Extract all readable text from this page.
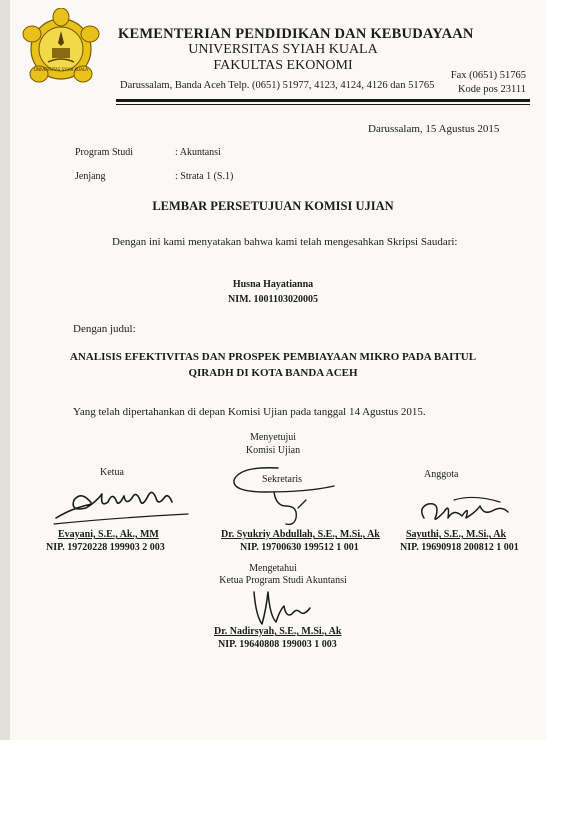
UNIVERSITAS SYIAH KUALA
KEMENTERIAN PENDIDIKAN DAN KEBUDAYAAN
UNIVERSITAS SYIAH KUALA
FAKULTAS EKONOMI
Darussalam, Banda Aceh Telp. (0651) 51977, 4123, 4124, 4126 dan 51765
Fax (0651) 51765
Kode pos 23111
Darussalam, 15 Agustus 2015
Program Studi	: Akuntansi
Jenjang	: Strata 1 (S.1)
LEMBAR PERSETUJUAN KOMISI UJIAN
Dengan ini kami menyatakan bahwa kami telah mengesahkan Skripsi Saudari:
Husna Hayatianna
NIM. 1001103020005
Dengan judul:
ANALISIS EFEKTIVITAS DAN PROSPEK PEMBIAYAAN MIKRO PADA BAITUL
QIRADH DI KOTA BANDA ACEH
Yang telah dipertahankan di depan Komisi Ujian pada tanggal 14 Agustus 2015.
Menyetujui
Komisi Ujian
Ketua
Sekretaris	Anggota
Evayani, S.E., Ak., MM
NIP. 19720228 199903 2 003
Dr. Syukriy Abdullah, S.E., M.Si., Ak
NIP. 19700630 199512 1 001
Sayuthi, S.E., M.Si., Ak
NIP. 19690918 200812 1 001
Mengetahui
Ketua Program Studi Akuntansi
Dr. Nadirsyah, S.E., M.Si., Ak
NIP. 19640808 199003 1 003
